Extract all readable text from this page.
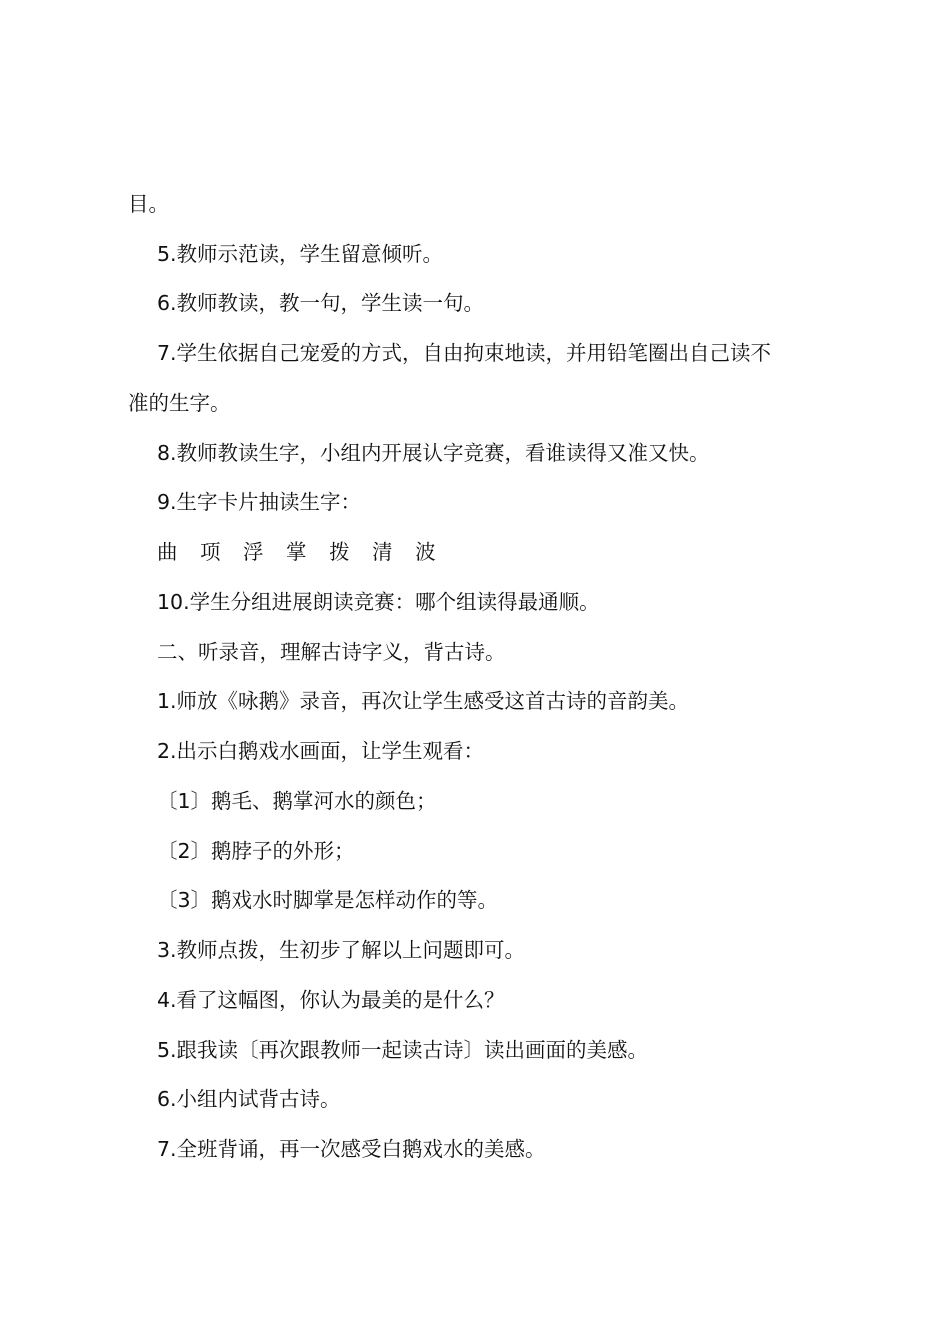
目。
5.教师示范读，学生留意倾听。
6.教师教读，教一句，学生读一句。
7.学生依据自己宠爱的方式，自由拘束地读，并用铅笔圈出自己读不
准的生字。
8.教师教读生字，小组内开展认字竞赛，看谁读得又准又快。
9.生字卡片抽读生字：
曲 项 浮 掌 拨 清 波
10.学生分组进展朗读竞赛：哪个组读得最通顺。
二、听录音，理解古诗字义，背古诗。
1.师放《咏鹅》录音，再次让学生感受这首古诗的音韵美。
2.出示白鹅戏水画面，让学生观看：
〔1〕鹅毛、鹅掌河水的颜色；
〔2〕鹅脖子的外形；
〔3〕鹅戏水时脚掌是怎样动作的等。
3.教师点拨，生初步了解以上问题即可。
4.看了这幅图，你认为最美的是什么？
5.跟我读〔再次跟教师一起读古诗〕读出画面的美感。
6.小组内试背古诗。
7.全班背诵，再一次感受白鹅戏水的美感。
